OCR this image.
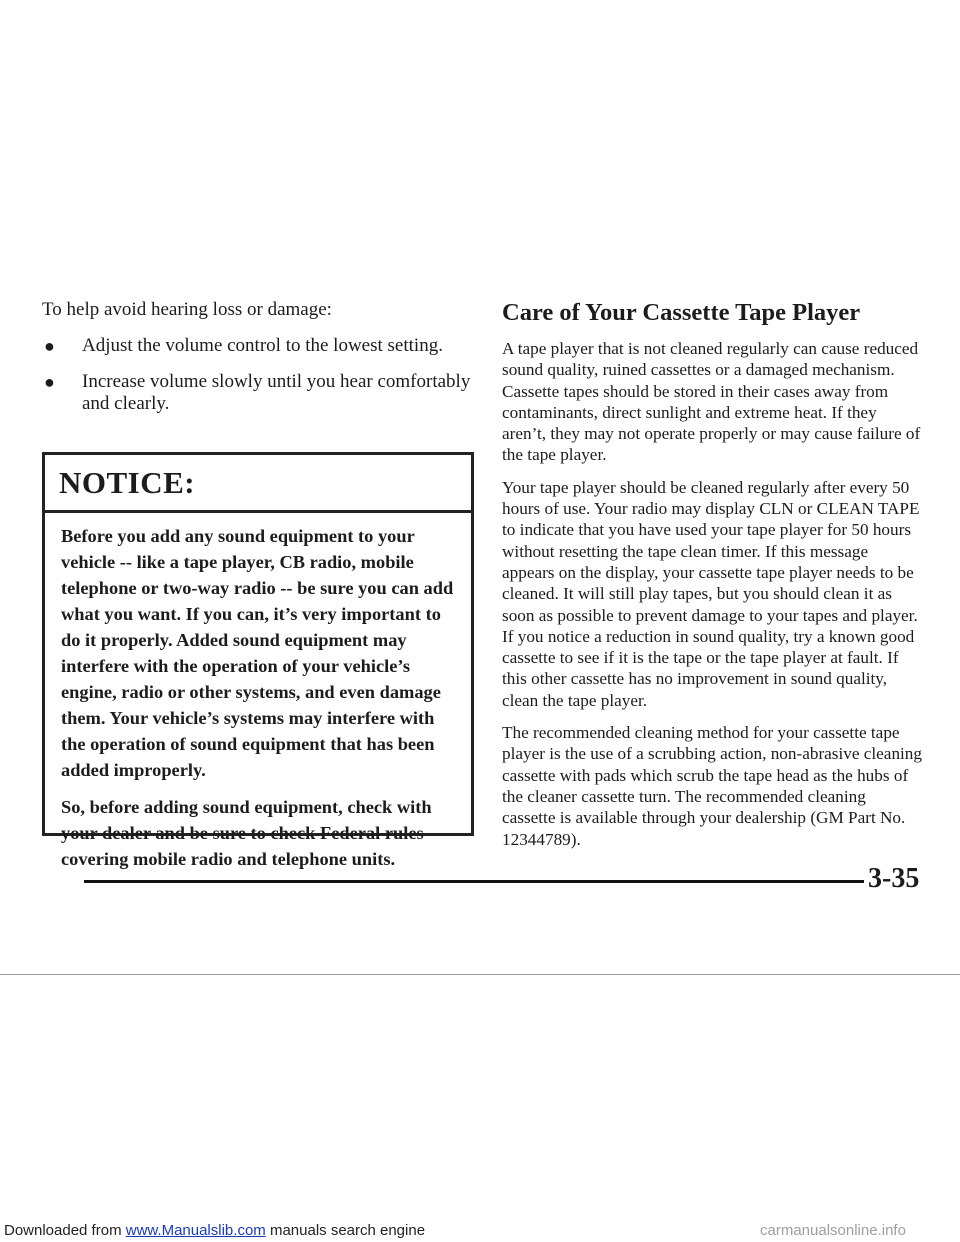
To help avoid hearing loss or damage:

● Adjust the volume control to the lowest setting.
● Increase volume slowly until you hear comfortably and clearly.
NOTICE:

Before you add any sound equipment to your vehicle -- like a tape player, CB radio, mobile telephone or two-way radio -- be sure you can add what you want. If you can, it’s very important to do it properly. Added sound equipment may interfere with the operation of your vehicle’s engine, radio or other systems, and even damage them. Your vehicle’s systems may interfere with the operation of sound equipment that has been added improperly.

So, before adding sound equipment, check with your dealer and be sure to check Federal rules covering mobile radio and telephone units.

Care of Your Cassette Tape Player

A tape player that is not cleaned regularly can cause reduced sound quality, ruined cassettes or a damaged mechanism. Cassette tapes should be stored in their cases away from contaminants, direct sunlight and extreme heat. If they aren’t, they may not operate properly or may cause failure of the tape player.

Your tape player should be cleaned regularly after every 50 hours of use. Your radio may display CLN or CLEAN TAPE to indicate that you have used your tape player for 50 hours without resetting the tape clean timer. If this message appears on the display, your cassette tape player needs to be cleaned. It will still play tapes, but you should clean it as soon as possible to prevent damage to your tapes and player. If you notice a reduction in sound quality, try a known good cassette to see if it is the tape or the tape player at fault. If this other cassette has no improvement in sound quality, clean the tape player.

The recommended cleaning method for your cassette tape player is the use of a scrubbing action, non-abrasive cleaning cassette with pads which scrub the tape head as the hubs of the cleaner cassette turn. The recommended cleaning cassette is available through your dealership (GM Part No. 12344789).

3-35
Downloaded from www.Manualslib.com manuals search engine	carmanualsonline.info
